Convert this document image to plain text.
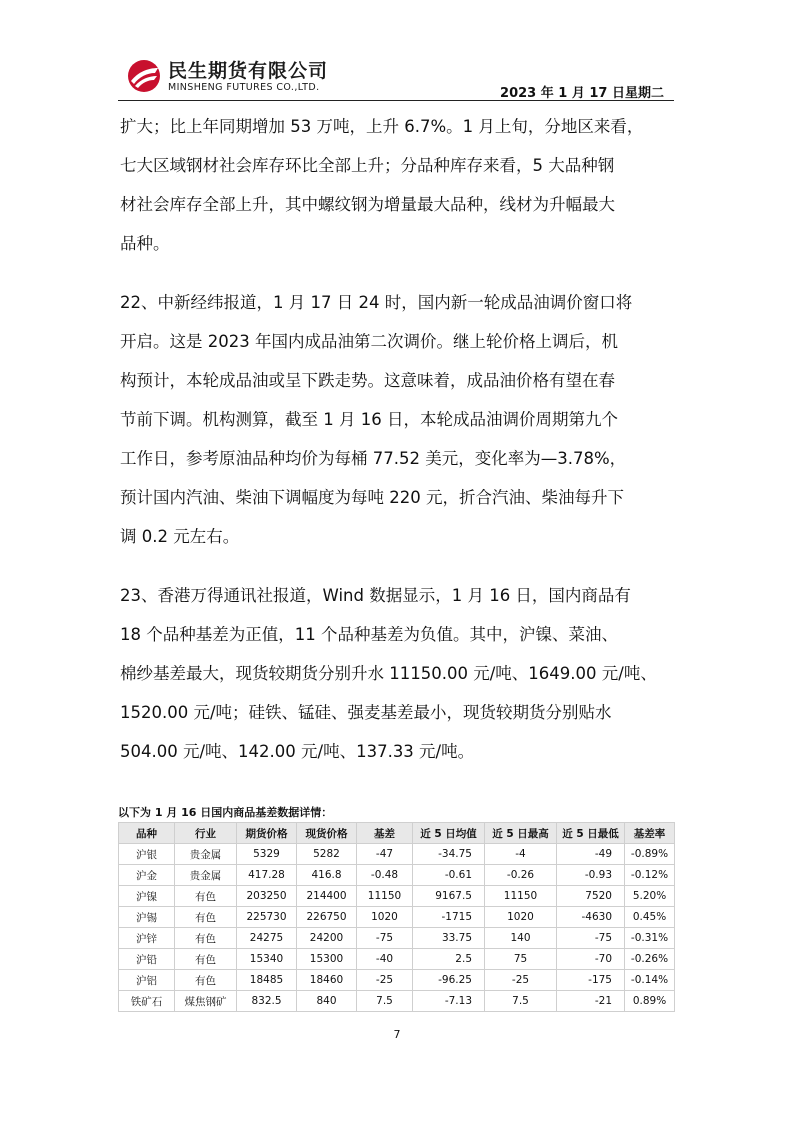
民生期货有限公司
MINSHENG FUTURES CO.,LTD.	2023 年 1 月 17 日星期二

扩大；比上年同期增加 53 万吨，上升 6.7%。1 月上旬，分地区来看，
七大区域钢材社会库存环比全部上升；分品种库存来看，5 大品种钢
材社会库存全部上升，其中螺纹钢为增量最大品种，线材为升幅最大
品种。

22、中新经纬报道，1 月 17 日 24 时，国内新一轮成品油调价窗口将
开启。这是 2023 年国内成品油第二次调价。继上轮价格上调后，机
构预计，本轮成品油或呈下跌走势。这意味着，成品油价格有望在春
节前下调。机构测算，截至 1 月 16 日，本轮成品油调价周期第九个
工作日，参考原油品种均价为每桶 77.52 美元，变化率为—3.78%，
预计国内汽油、柴油下调幅度为每吨 220 元，折合汽油、柴油每升下
调 0.2 元左右。

23、香港万得通讯社报道，Wind 数据显示，1 月 16 日，国内商品有
18 个品种基差为正值，11 个品种基差为负值。其中，沪镍、菜油、
棉纱基差最大，现货较期货分别升水 11150.00 元/吨、1649.00 元/吨、
1520.00 元/吨；硅铁、锰硅、强麦基差最小，现货较期货分别贴水
504.00 元/吨、142.00 元/吨、137.33 元/吨。

以下为 1 月 16 日国内商品基差数据详情：
品种	行业	期货价格	现货价格	基差	近 5 日均值	近 5 日最高	近 5 日最低	基差率
沪银	贵金属	5329	5282	-47	-34.75	-4	-49	-0.89%
沪金	贵金属	417.28	416.8	-0.48	-0.61	-0.26	-0.93	-0.12%
沪镍	有色	203250	214400	11150	9167.5	11150	7520	5.20%
沪锡	有色	225730	226750	1020	-1715	1020	-4630	0.45%
沪锌	有色	24275	24200	-75	33.75	140	-75	-0.31%
沪铅	有色	15340	15300	-40	2.5	75	-70	-0.26%
沪铝	有色	18485	18460	-25	-96.25	-25	-175	-0.14%
铁矿石	煤焦钢矿	832.5	840	7.5	-7.13	7.5	-21	0.89%
7
